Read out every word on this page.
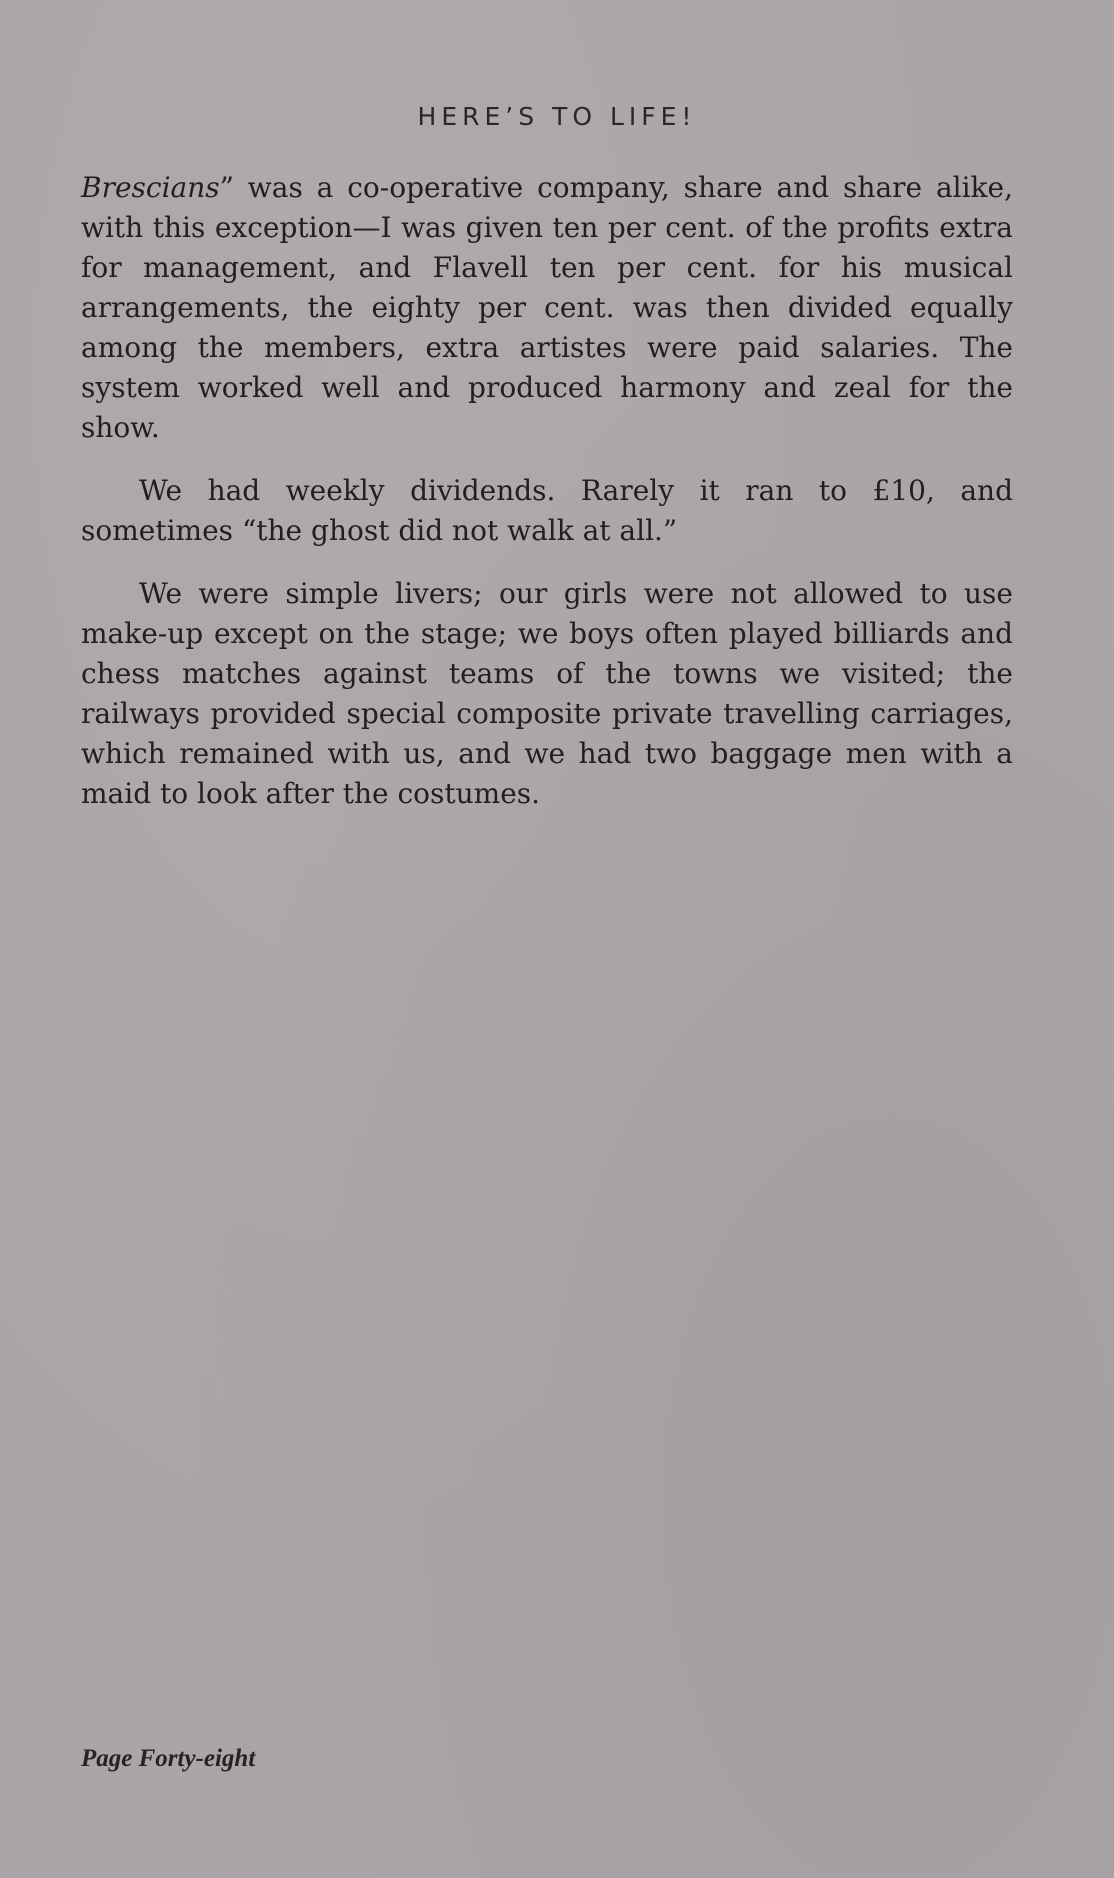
HERE’S TO LIFE!

Brescians” was a co-operative company, share and share alike, with this exception—I was given ten per cent. of the profits extra for management, and Flavell ten per cent. for his musical arrangements, the eighty per cent. was then divided equally among the members, extra artistes were paid salaries. The system worked well and produced harmony and zeal for the show.

We had weekly dividends. Rarely it ran to £10, and sometimes “the ghost did not walk at all.”

We were simple livers; our girls were not allowed to use make-up except on the stage; we boys often played billiards and chess matches against teams of the towns we visited; the railways provided special composite private travelling carriages, which remained with us, and we had two baggage men with a maid to look after the costumes.

Page Forty-eight
